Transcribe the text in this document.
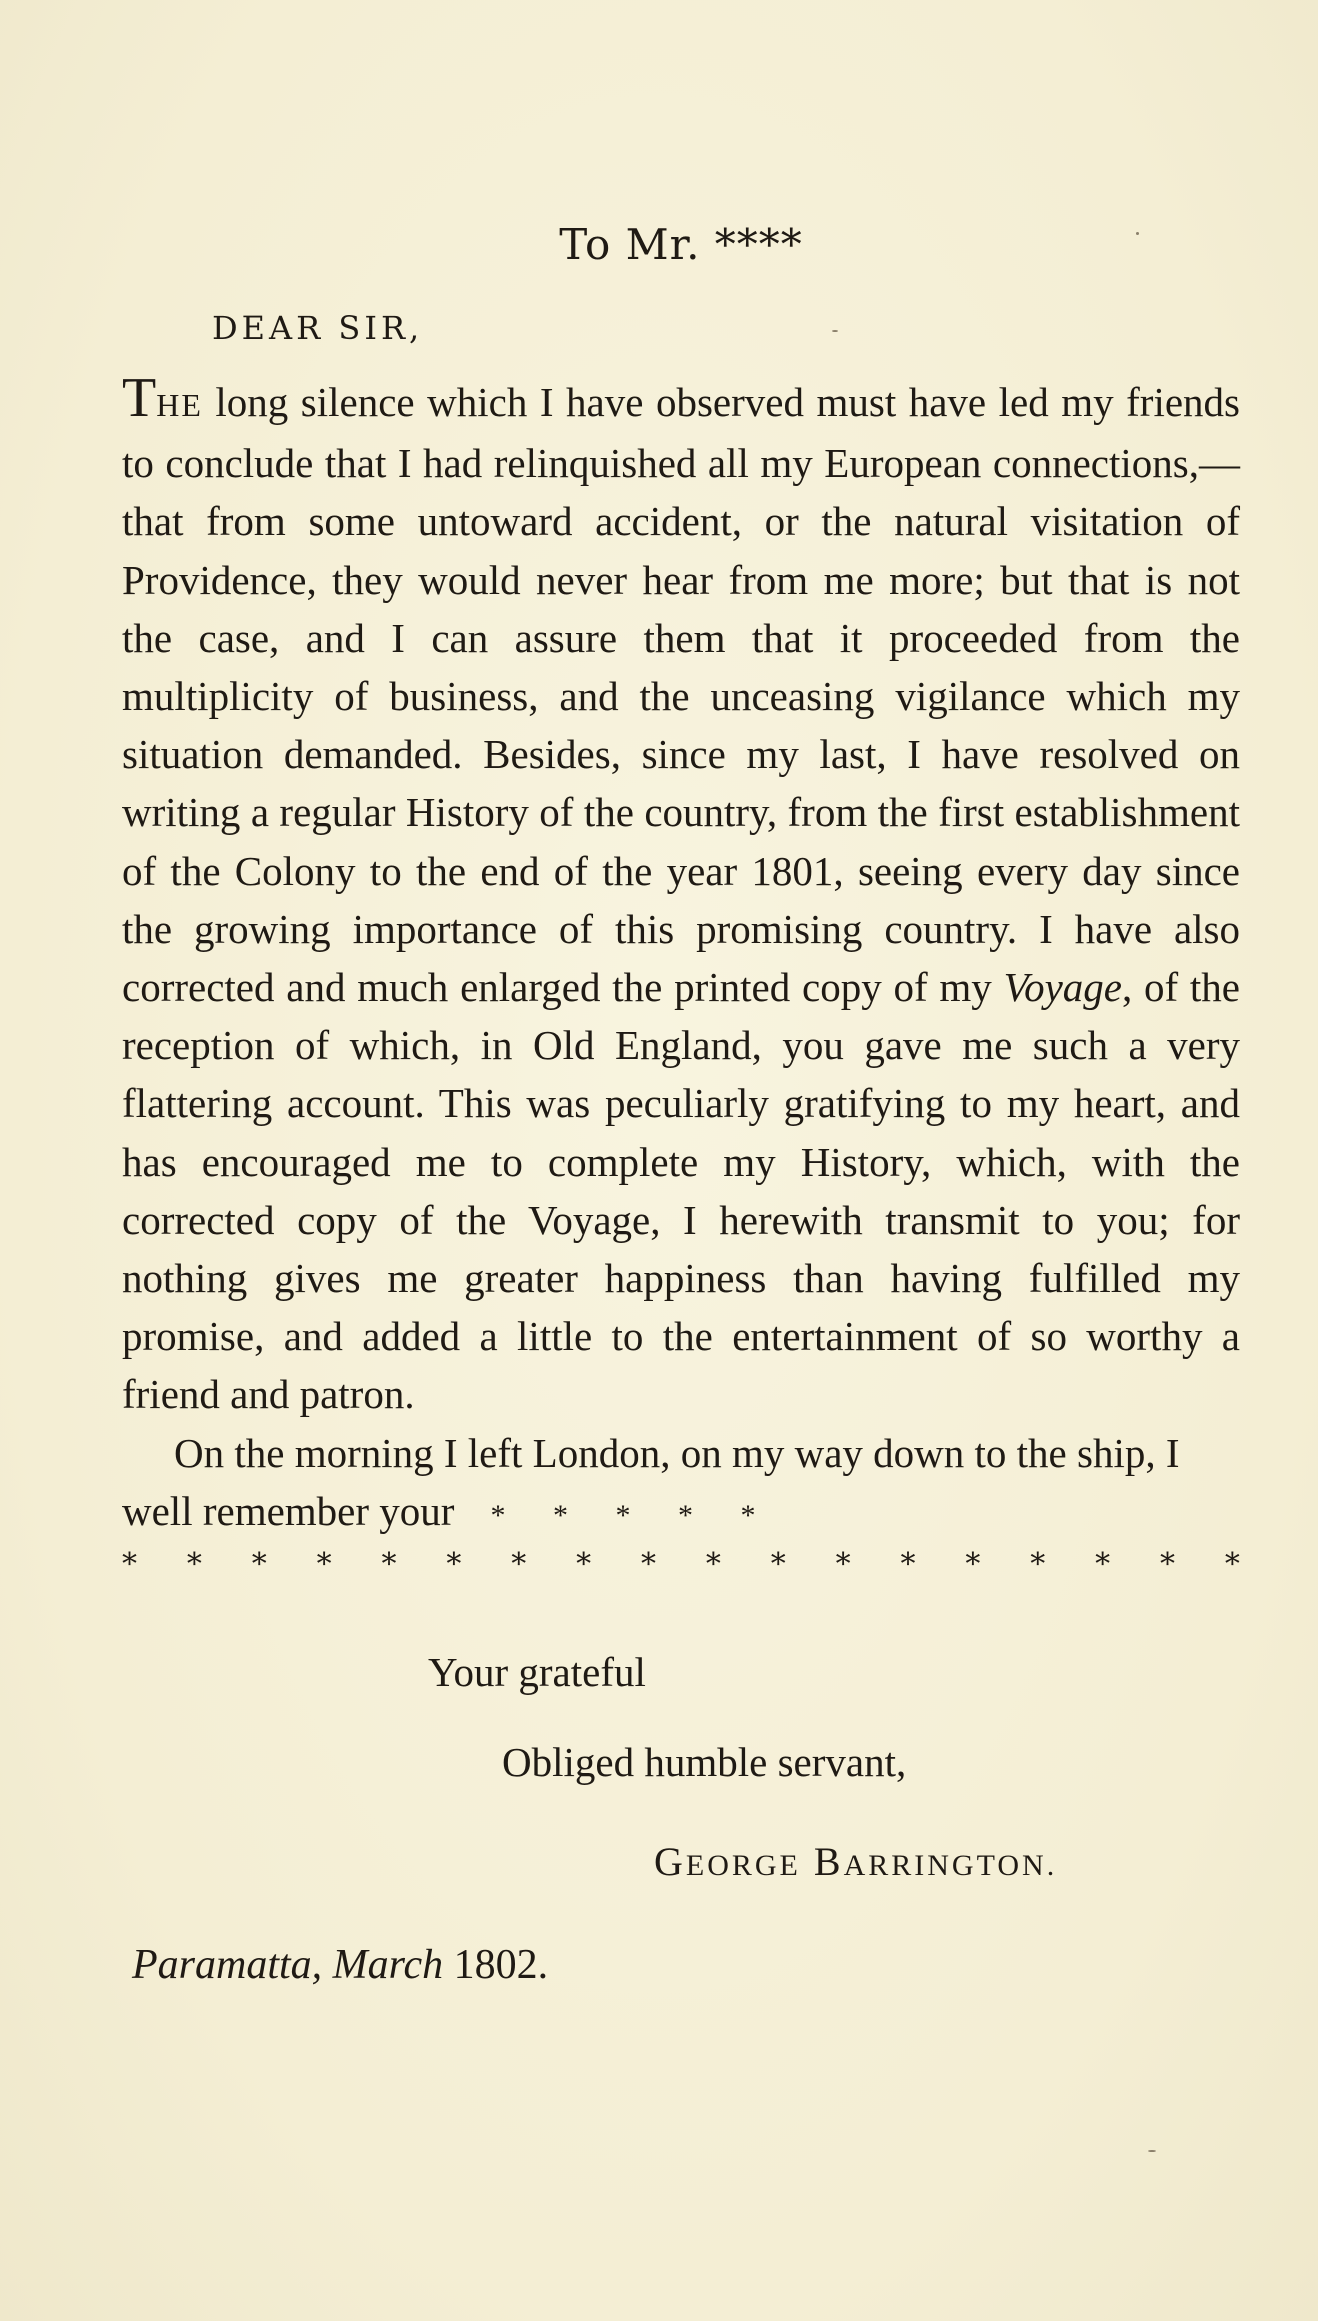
To Mr. ****
DEAR SIR,

THE long silence which I have observed must have led my friends to conclude that I had relinquished all my European connections,—that from some untoward accident, or the natural visitation of Providence, they would never hear from me more; but that is not the case, and I can assure them that it proceeded from the multiplicity of business, and the unceasing vigilance which my situation demanded. Besides, since my last, I have resolved on writing a regular History of the country, from the first establishment of the Colony to the end of the year 1801, seeing every day since the growing importance of this promising country. I have also corrected and much enlarged the printed copy of my Voyage, of the reception of which, in Old England, you gave me such a very flattering account. This was peculiarly gratifying to my heart, and has encouraged me to complete my History, which, with the corrected copy of the Voyage, I herewith transmit to you; for nothing gives me greater happiness than having fulfilled my promise, and added a little to the entertainment of so worthy a friend and patron.

On the morning I left London, on my way down to the ship, I well remember your * * * * *

* * * * * * * * * * * * * * * * * *
Your grateful
Obliged humble servant,
GEORGE BARRINGTON.
Paramatta, March 1802.
